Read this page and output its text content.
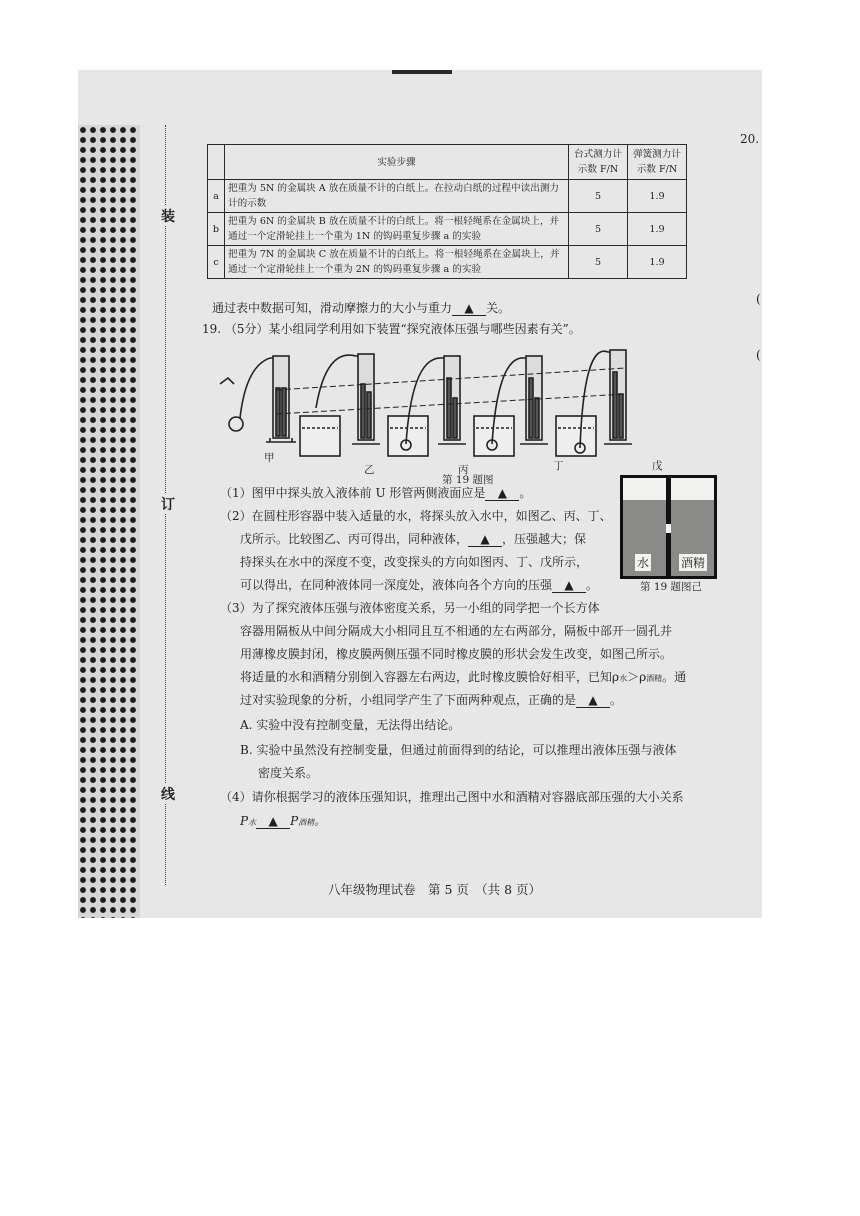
装
订
线
20.
(
(
	实验步骤	台式测力计示数 F/N	弹簧测力计示数 F/N
a	把重为 5N 的金属块 A 放在质量不计的白纸上。在拉动白纸的过程中读出测力计的示数	5	1.9
b	把重为 6N 的金属块 B 放在质量不计的白纸上。将一根轻绳系在金属块上，并通过一个定滑轮挂上一个重为 1N 的钩码重复步骤 a 的实验	5	1.9
c	把重为 7N 的金属块 C 放在质量不计的白纸上。将一根轻绳系在金属块上，并通过一个定滑轮挂上一个重为 2N 的钩码重复步骤 a 的实验	5	1.9
通过表中数据可知，滑动摩擦力的大小与重力 ▲ 关。
19. （5分）某小组同学利用如下装置“探究液体压强与哪些因素有关”。
甲
乙	丙	丁	戊
第 19 题图
水	酒精
第 19 题图己
（1）图甲中探头放入液体前 U 形管两侧液面应是 ▲ 。
（2）在圆柱形容器中装入适量的水，将探头放入水中，如图乙、丙、丁、
戊所示。比较图乙、丙可得出，同种液体， ▲ ，压强越大；保
持探头在水中的深度不变，改变探头的方向如图丙、丁、戊所示，
可以得出，在同种液体同一深度处，液体向各个方向的压强 ▲ 。
（3）为了探究液体压强与液体密度关系，另一小组的同学把一个长方体
容器用隔板从中间分隔成大小相同且互不相通的左右两部分，隔板中部开一圆孔并
用薄橡皮膜封闭，橡皮膜两侧压强不同时橡皮膜的形状会发生改变，如图己所示。
将适量的水和酒精分别倒入容器左右两边，此时橡皮膜恰好相平，已知ρ水＞ρ酒精。通
过对实验现象的分析，小组同学产生了下面两种观点，正确的是 ▲ 。
A. 实验中没有控制变量，无法得出结论。
B. 实验中虽然没有控制变量，但通过前面得到的结论，可以推理出液体压强与液体
密度关系。
（4）请你根据学习的液体压强知识，推理出己图中水和酒精对容器底部压强的大小关系
P水 ▲ P酒精。
八年级物理试卷　第 5 页　（共 8 页）
